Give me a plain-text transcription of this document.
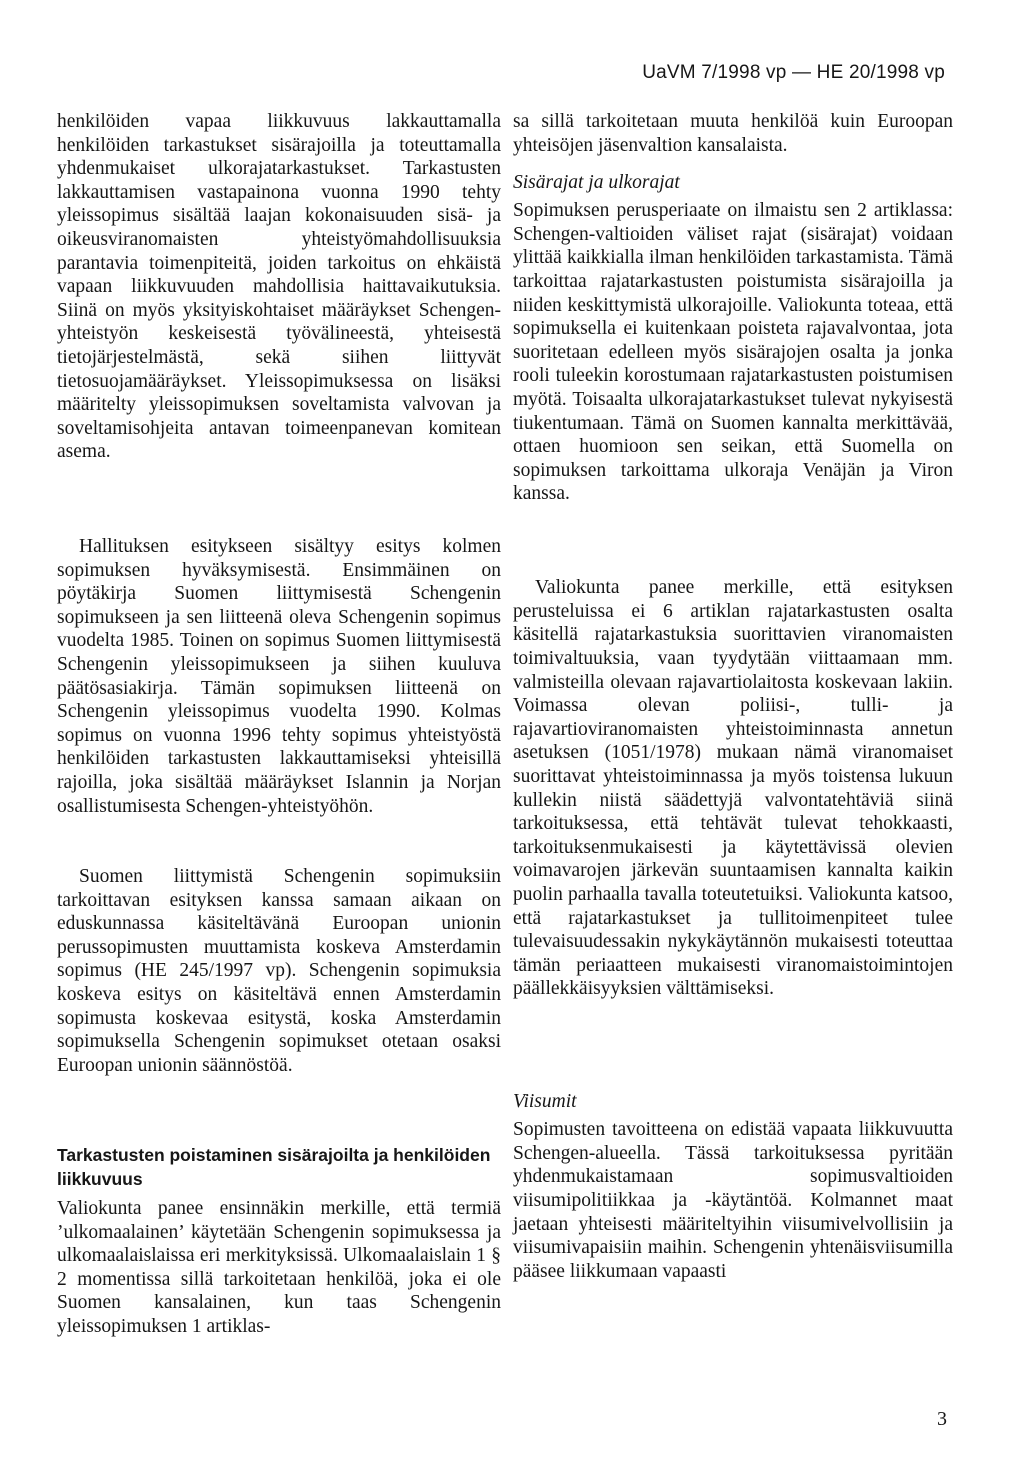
UaVM 7/1998 vp — HE 20/1998 vp

henkilöiden vapaa liikkuvuus lakkauttamalla henkilöiden tarkastukset sisärajoilla ja toteuttamalla yhdenmukaiset ulkorajatarkastukset. Tarkastusten lakkauttamisen vastapainona vuonna 1990 tehty yleissopimus sisältää laajan kokonaisuuden sisä- ja oikeusviranomaisten yhteistyömahdollisuuksia parantavia toimenpiteitä, joiden tarkoitus on ehkäistä vapaan liikkuvuuden mahdollisia haittavaikutuksia. Siinä on myös yksityiskohtaiset määräykset Schengen-yhteistyön keskeisestä työvälineestä, yhteisestä tietojärjestelmästä, sekä siihen liittyvät tietosuojamääräykset. Yleissopimuksessa on lisäksi määritelty yleissopimuksen soveltamista valvovan ja soveltamisohjeita antavan toimeenpanevan komitean asema.

Hallituksen esitykseen sisältyy esitys kolmen sopimuksen hyväksymisestä. Ensimmäinen on pöytäkirja Suomen liittymisestä Schengenin sopimukseen ja sen liitteenä oleva Schengenin sopimus vuodelta 1985. Toinen on sopimus Suomen liittymisestä Schengenin yleissopimukseen ja siihen kuuluva päätösasiakirja. Tämän sopimuksen liitteenä on Schengenin yleissopimus vuodelta 1990. Kolmas sopimus on vuonna 1996 tehty sopimus yhteistyöstä henkilöiden tarkastusten lakkauttamiseksi yhteisillä rajoilla, joka sisältää määräykset Islannin ja Norjan osallistumisesta Schengen-yhteistyöhön.

Suomen liittymistä Schengenin sopimuksiin tarkoittavan esityksen kanssa samaan aikaan on eduskunnassa käsiteltävänä Euroopan unionin perussopimusten muuttamista koskeva Amsterdamin sopimus (HE 245/1997 vp). Schengenin sopimuksia koskeva esitys on käsiteltävä ennen Amsterdamin sopimusta koskevaa esitystä, koska Amsterdamin sopimuksella Schengenin sopimukset otetaan osaksi Euroopan unionin säännöstöä.

Tarkastusten poistaminen sisärajoilta ja henkilöiden liikkuvuus

Valiokunta panee ensinnäkin merkille, että termiä ’ulkomaalainen’ käytetään Schengenin sopimuksessa ja ulkomaalaislaissa eri merkityksissä. Ulkomaalaislain 1 § 2 momentissa sillä tarkoitetaan henkilöä, joka ei ole Suomen kansalainen, kun taas Schengenin yleissopimuksen 1 artiklas-

sa sillä tarkoitetaan muuta henkilöä kuin Euroopan yhteisöjen jäsenvaltion kansalaista.

Sisärajat ja ulkorajat

Sopimuksen perusperiaate on ilmaistu sen 2 artiklassa: Schengen-valtioiden väliset rajat (sisärajat) voidaan ylittää kaikkialla ilman henkilöiden tarkastamista. Tämä tarkoittaa rajatarkastusten poistumista sisärajoilla ja niiden keskittymistä ulkorajoille. Valiokunta toteaa, että sopimuksella ei kuitenkaan poisteta rajavalvontaa, jota suoritetaan edelleen myös sisärajojen osalta ja jonka rooli tuleekin korostumaan rajatarkastusten poistumisen myötä. Toisaalta ulkorajatarkastukset tulevat nykyisestä tiukentumaan. Tämä on Suomen kannalta merkittävää, ottaen huomioon sen seikan, että Suomella on sopimuksen tarkoittama ulkoraja Venäjän ja Viron kanssa.

Valiokunta panee merkille, että esityksen perusteluissa ei 6 artiklan rajatarkastusten osalta käsitellä rajatarkastuksia suorittavien viranomaisten toimivaltuuksia, vaan tyydytään viittaamaan mm. valmisteilla olevaan rajavartiolaitosta koskevaan lakiin. Voimassa olevan poliisi-, tulli- ja rajavartioviranomaisten yhteistoiminnasta annetun asetuksen (1051/1978) mukaan nämä viranomaiset suorittavat yhteistoiminnassa ja myös toistensa lukuun kullekin niistä säädettyjä valvontatehtäviä siinä tarkoituksessa, että tehtävät tulevat tehokkaasti, tarkoituksenmukaisesti ja käytettävissä olevien voimavarojen järkevän suuntaamisen kannalta kaikin puolin parhaalla tavalla toteutetuiksi. Valiokunta katsoo, että rajatarkastukset ja tullitoimenpiteet tulee tulevaisuudessakin nykykäytännön mukaisesti toteuttaa tämän periaatteen mukaisesti viranomaistoimintojen päällekkäisyyksien välttämiseksi.

Viisumit

Sopimusten tavoitteena on edistää vapaata liikkuvuutta Schengen-alueella. Tässä tarkoituksessa pyritään yhdenmukaistamaan sopimusvaltioiden viisumipolitiikkaa ja -käytäntöä. Kolmannet maat jaetaan yhteisesti määriteltyihin viisumivelvollisiin ja viisumivapaisiin maihin. Schengenin yhtenäisviisumilla pääsee liikkumaan vapaasti

3
